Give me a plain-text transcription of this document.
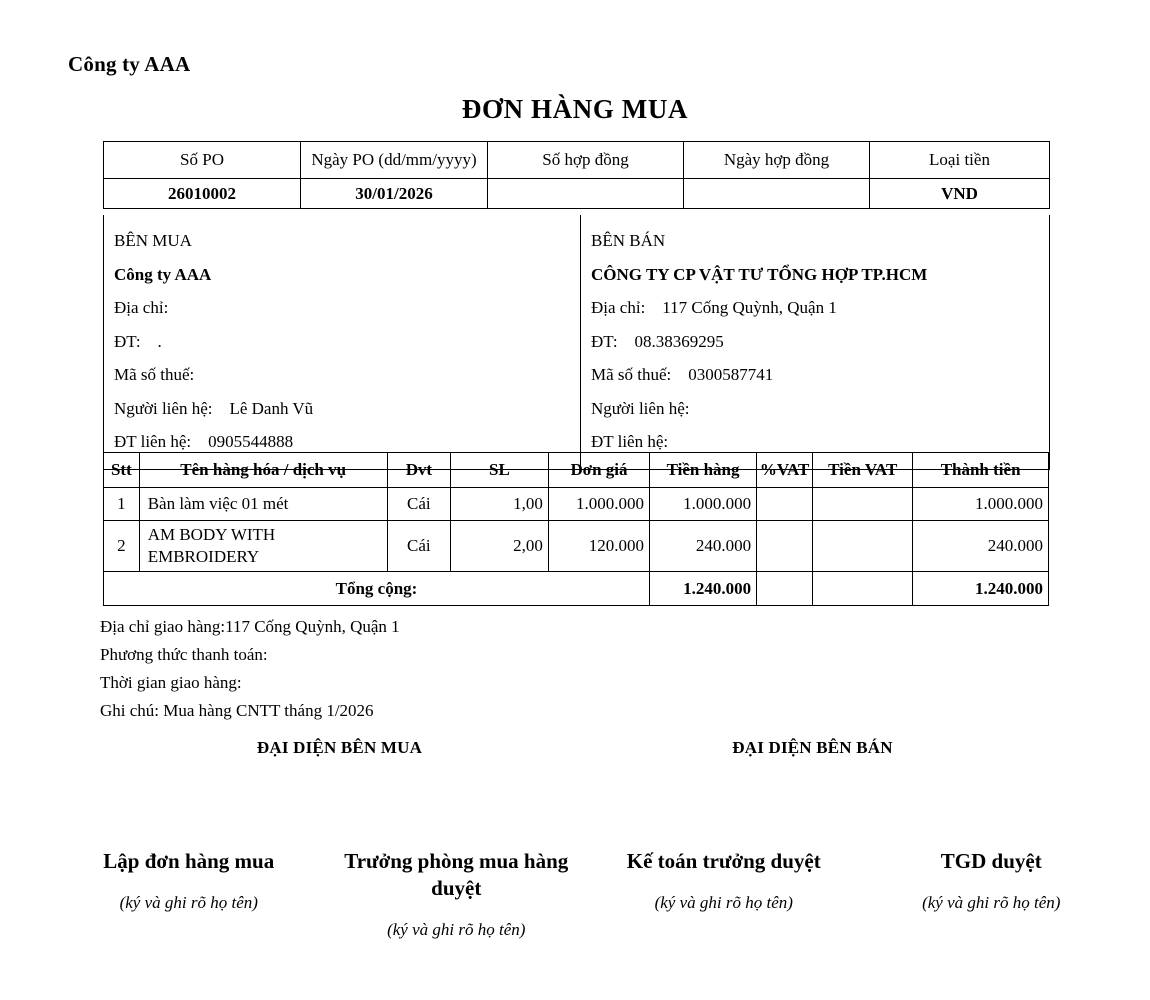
Công ty AAA
ĐƠN HÀNG MUA
Số PO	Ngày PO (dd/mm/yyyy)	Số hợp đồng	Ngày hợp đồng	Loại tiền
26010002	30/01/2026			VND
BÊN MUA
Công ty AAA
Địa chỉ:
ĐT:    .
Mã số thuế:
Người liên hệ:    Lê Danh Vũ
ĐT liên hệ:    0905544888

BÊN BÁN
CÔNG TY CP VẬT TƯ TỔNG HỢP TP.HCM
Địa chỉ:    117 Cống Quỳnh, Quận 1
ĐT:    08.38369295
Mã số thuế:    0300587741
Người liên hệ:
ĐT liên hệ:
Stt	Tên hàng hóa / dịch vụ	Đvt	SL	Đơn giá	Tiền hàng	%VAT	Tiền VAT	Thành tiền
1	Bàn làm việc 01 mét	Cái	1,00	1.000.000	1.000.000			1.000.000
2	AM BODY WITH EMBROIDERY	Cái	2,00	120.000	240.000			240.000
Tổng cộng:					1.240.000			1.240.000
Địa chỉ giao hàng:117 Cống Quỳnh, Quận 1
Phương thức thanh toán:
Thời gian giao hàng:
Ghi chú: Mua hàng CNTT tháng 1/2026
ĐẠI DIỆN BÊN MUA	ĐẠI DIỆN BÊN BÁN
Lập đơn hàng mua
(ký và ghi rõ họ tên)
Trưởng phòng mua hàng duyệt
(ký và ghi rõ họ tên)
Kế toán trưởng duyệt
(ký và ghi rõ họ tên)
TGD duyệt
(ký và ghi rõ họ tên)
